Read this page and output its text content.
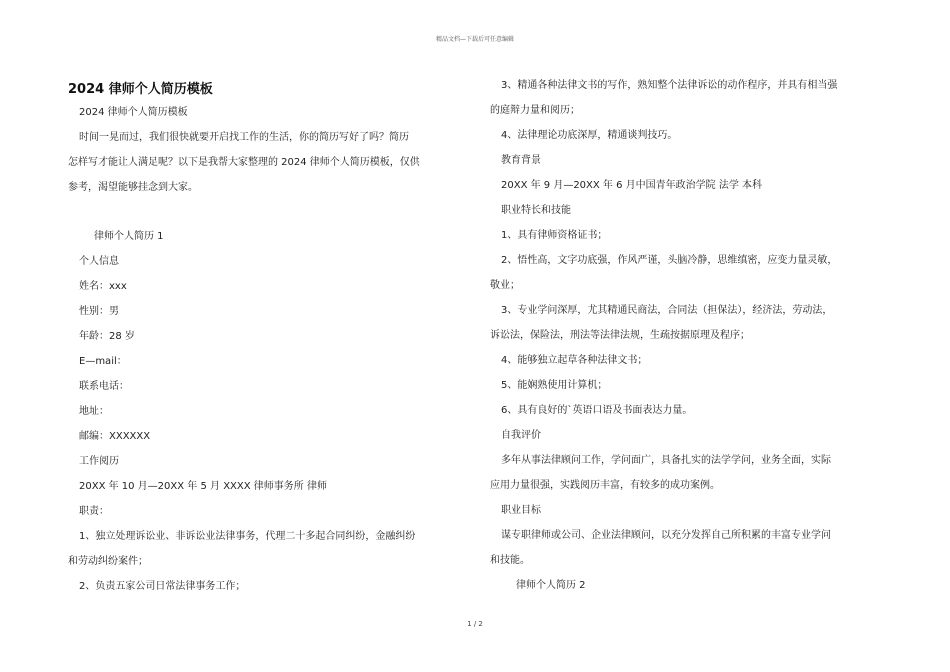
精品文档—下载后可任意编辑
2024 律师个人简历模板
2024 律师个人简历模板
时间一晃而过，我们很快就要开启找工作的生活，你的简历写好了吗？简历
怎样写才能让人满足呢？以下是我帮大家整理的 2024 律师个人简历模板，仅供
参考，渴望能够挂念到大家。
律师个人简历 1
个人信息
姓名：xxx
性别：男
年龄：28 岁
E—mail：
联系电话：
地址：
邮编：XXXXXX
工作阅历
20XX 年 10 月—20XX 年 5 月 XXXX 律师事务所 律师
职责：
1、独立处理诉讼业、非诉讼业法律事务，代理二十多起合同纠纷，金融纠纷
和劳动纠纷案件；
2、负责五家公司日常法律事务工作；
3、精通各种法律文书的写作，熟知整个法律诉讼的动作程序，并具有相当强
的庭辩力量和阅历；
4、法律理论功底深厚，精通谈判技巧。
教育背景
20XX 年 9 月—20XX 年 6 月中国青年政治学院 法学 本科
职业特长和技能
1、具有律师资格证书；
2、悟性高，文字功底强，作风严谨，头脑冷静，思维缜密，应变力量灵敏，
敬业；
3、专业学问深厚，尤其精通民商法，合同法（担保法），经济法，劳动法，
诉讼法，保险法，刑法等法律法规，生疏按据原理及程序；
4、能够独立起草各种法律文书；
5、能娴熟使用计算机；
6、具有良好的`英语口语及书面表达力量。
自我评价
多年从事法律顾问工作，学问面广，具备扎实的法学学问，业务全面，实际
应用力量很强，实践阅历丰富，有较多的成功案例。
职业目标
谋专职律师或公司、企业法律顾问，以充分发挥自己所积累的丰富专业学问
和技能。
律师个人简历 2
1 / 2
